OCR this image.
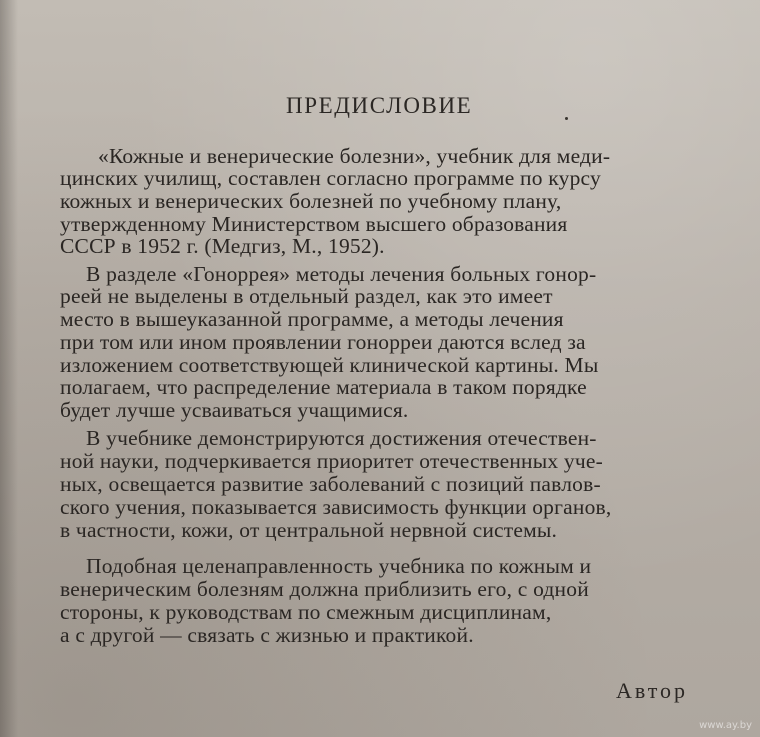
ПРЕДИСЛОВИЕ
«Кожные и венерические болезни», учебник для меди-
цинских училищ, составлен согласно программе по курсу
кожных и венерических болезней по учебному плану,
утвержденному Министерством высшего образования
СССР в 1952 г. (Медгиз, М., 1952).
В разделе «Гоноррея» методы лечения больных гонор-
реей не выделены в отдельный раздел, как это имеет
место в вышеуказанной программе, а методы лечения
при том или ином проявлении гонорреи даются вслед за
изложением соответствующей клинической картины. Мы
полагаем, что распределение материала в таком порядке
будет лучше усваиваться учащимися.
В учебнике демонстрируются достижения отечествен-
ной науки, подчеркивается приоритет отечественных уче-
ных, освещается развитие заболеваний с позиций павлов-
ского учения, показывается зависимость функции органов,
в частности, кожи, от центральной нервной системы.
Подобная целенаправленность учебника по кожным и
венерическим болезням должна приблизить его, с одной
стороны, к руководствам по смежным дисциплинам,
а с другой — связать с жизнью и практикой.
Автор
www.ay.by
